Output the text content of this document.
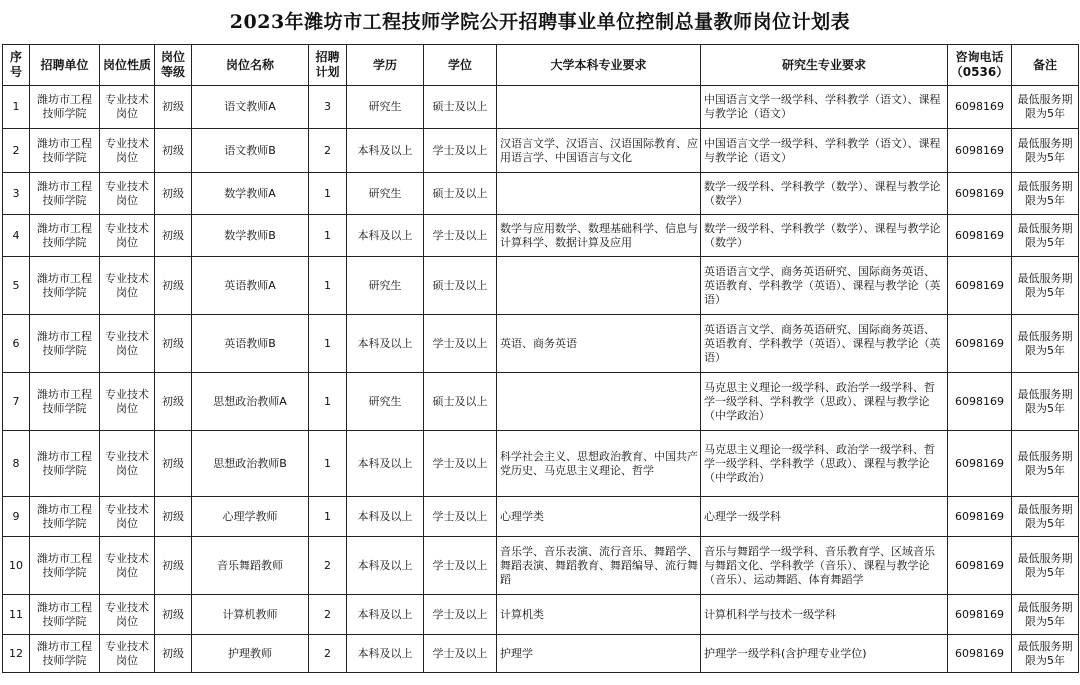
2023年潍坊市工程技师学院公开招聘事业单位控制总量教师岗位计划表
序号	招聘单位	岗位性质	岗位等级	岗位名称	招聘计划	学历	学位	大学本科专业要求	研究生专业要求	咨询电话（0536）	备注
1	潍坊市工程技师学院	专业技术岗位	初级	语文教师A	3	研究生	硕士及以上		中国语言文学一级学科、学科教学（语文）、课程与教学论（语文）	6098169	最低服务期限为5年
2	潍坊市工程技师学院	专业技术岗位	初级	语文教师B	2	本科及以上	学士及以上	汉语言文学、汉语言、汉语国际教育、应用语言学、中国语言与文化	中国语言文学一级学科、学科教学（语文）、课程与教学论（语文）	6098169	最低服务期限为5年
3	潍坊市工程技师学院	专业技术岗位	初级	数学教师A	1	研究生	硕士及以上		数学一级学科、学科教学（数学）、课程与教学论（数学）	6098169	最低服务期限为5年
4	潍坊市工程技师学院	专业技术岗位	初级	数学教师B	1	本科及以上	学士及以上	数学与应用数学、数理基础科学、信息与计算科学、数据计算及应用	数学一级学科、学科教学（数学）、课程与教学论（数学）	6098169	最低服务期限为5年
5	潍坊市工程技师学院	专业技术岗位	初级	英语教师A	1	研究生	硕士及以上		英语语言文学、商务英语研究、国际商务英语、英语教育、学科教学（英语）、课程与教学论（英语）	6098169	最低服务期限为5年
6	潍坊市工程技师学院	专业技术岗位	初级	英语教师B	1	本科及以上	学士及以上	英语、商务英语	英语语言文学、商务英语研究、国际商务英语、英语教育、学科教学（英语）、课程与教学论（英语）	6098169	最低服务期限为5年
7	潍坊市工程技师学院	专业技术岗位	初级	思想政治教师A	1	研究生	硕士及以上		马克思主义理论一级学科、政治学一级学科、哲学一级学科、学科教学（思政）、课程与教学论（中学政治）	6098169	最低服务期限为5年
8	潍坊市工程技师学院	专业技术岗位	初级	思想政治教师B	1	本科及以上	学士及以上	科学社会主义、思想政治教育、中国共产党历史、马克思主义理论、哲学	马克思主义理论一级学科、政治学一级学科、哲学一级学科、学科教学（思政）、课程与教学论（中学政治）	6098169	最低服务期限为5年
9	潍坊市工程技师学院	专业技术岗位	初级	心理学教师	1	本科及以上	学士及以上	心理学类	心理学一级学科	6098169	最低服务期限为5年
10	潍坊市工程技师学院	专业技术岗位	初级	音乐舞蹈教师	2	本科及以上	学士及以上	音乐学、音乐表演、流行音乐、舞蹈学、舞蹈表演、舞蹈教育、舞蹈编导、流行舞蹈	音乐与舞蹈学一级学科、音乐教育学、区域音乐与舞蹈文化、学科教学（音乐）、课程与教学论（音乐）、运动舞蹈、体育舞蹈学	6098169	最低服务期限为5年
11	潍坊市工程技师学院	专业技术岗位	初级	计算机教师	2	本科及以上	学士及以上	计算机类	计算机科学与技术一级学科	6098169	最低服务期限为5年
12	潍坊市工程技师学院	专业技术岗位	初级	护理教师	2	本科及以上	学士及以上	护理学	护理学一级学科(含护理专业学位)	6098169	最低服务期限为5年
